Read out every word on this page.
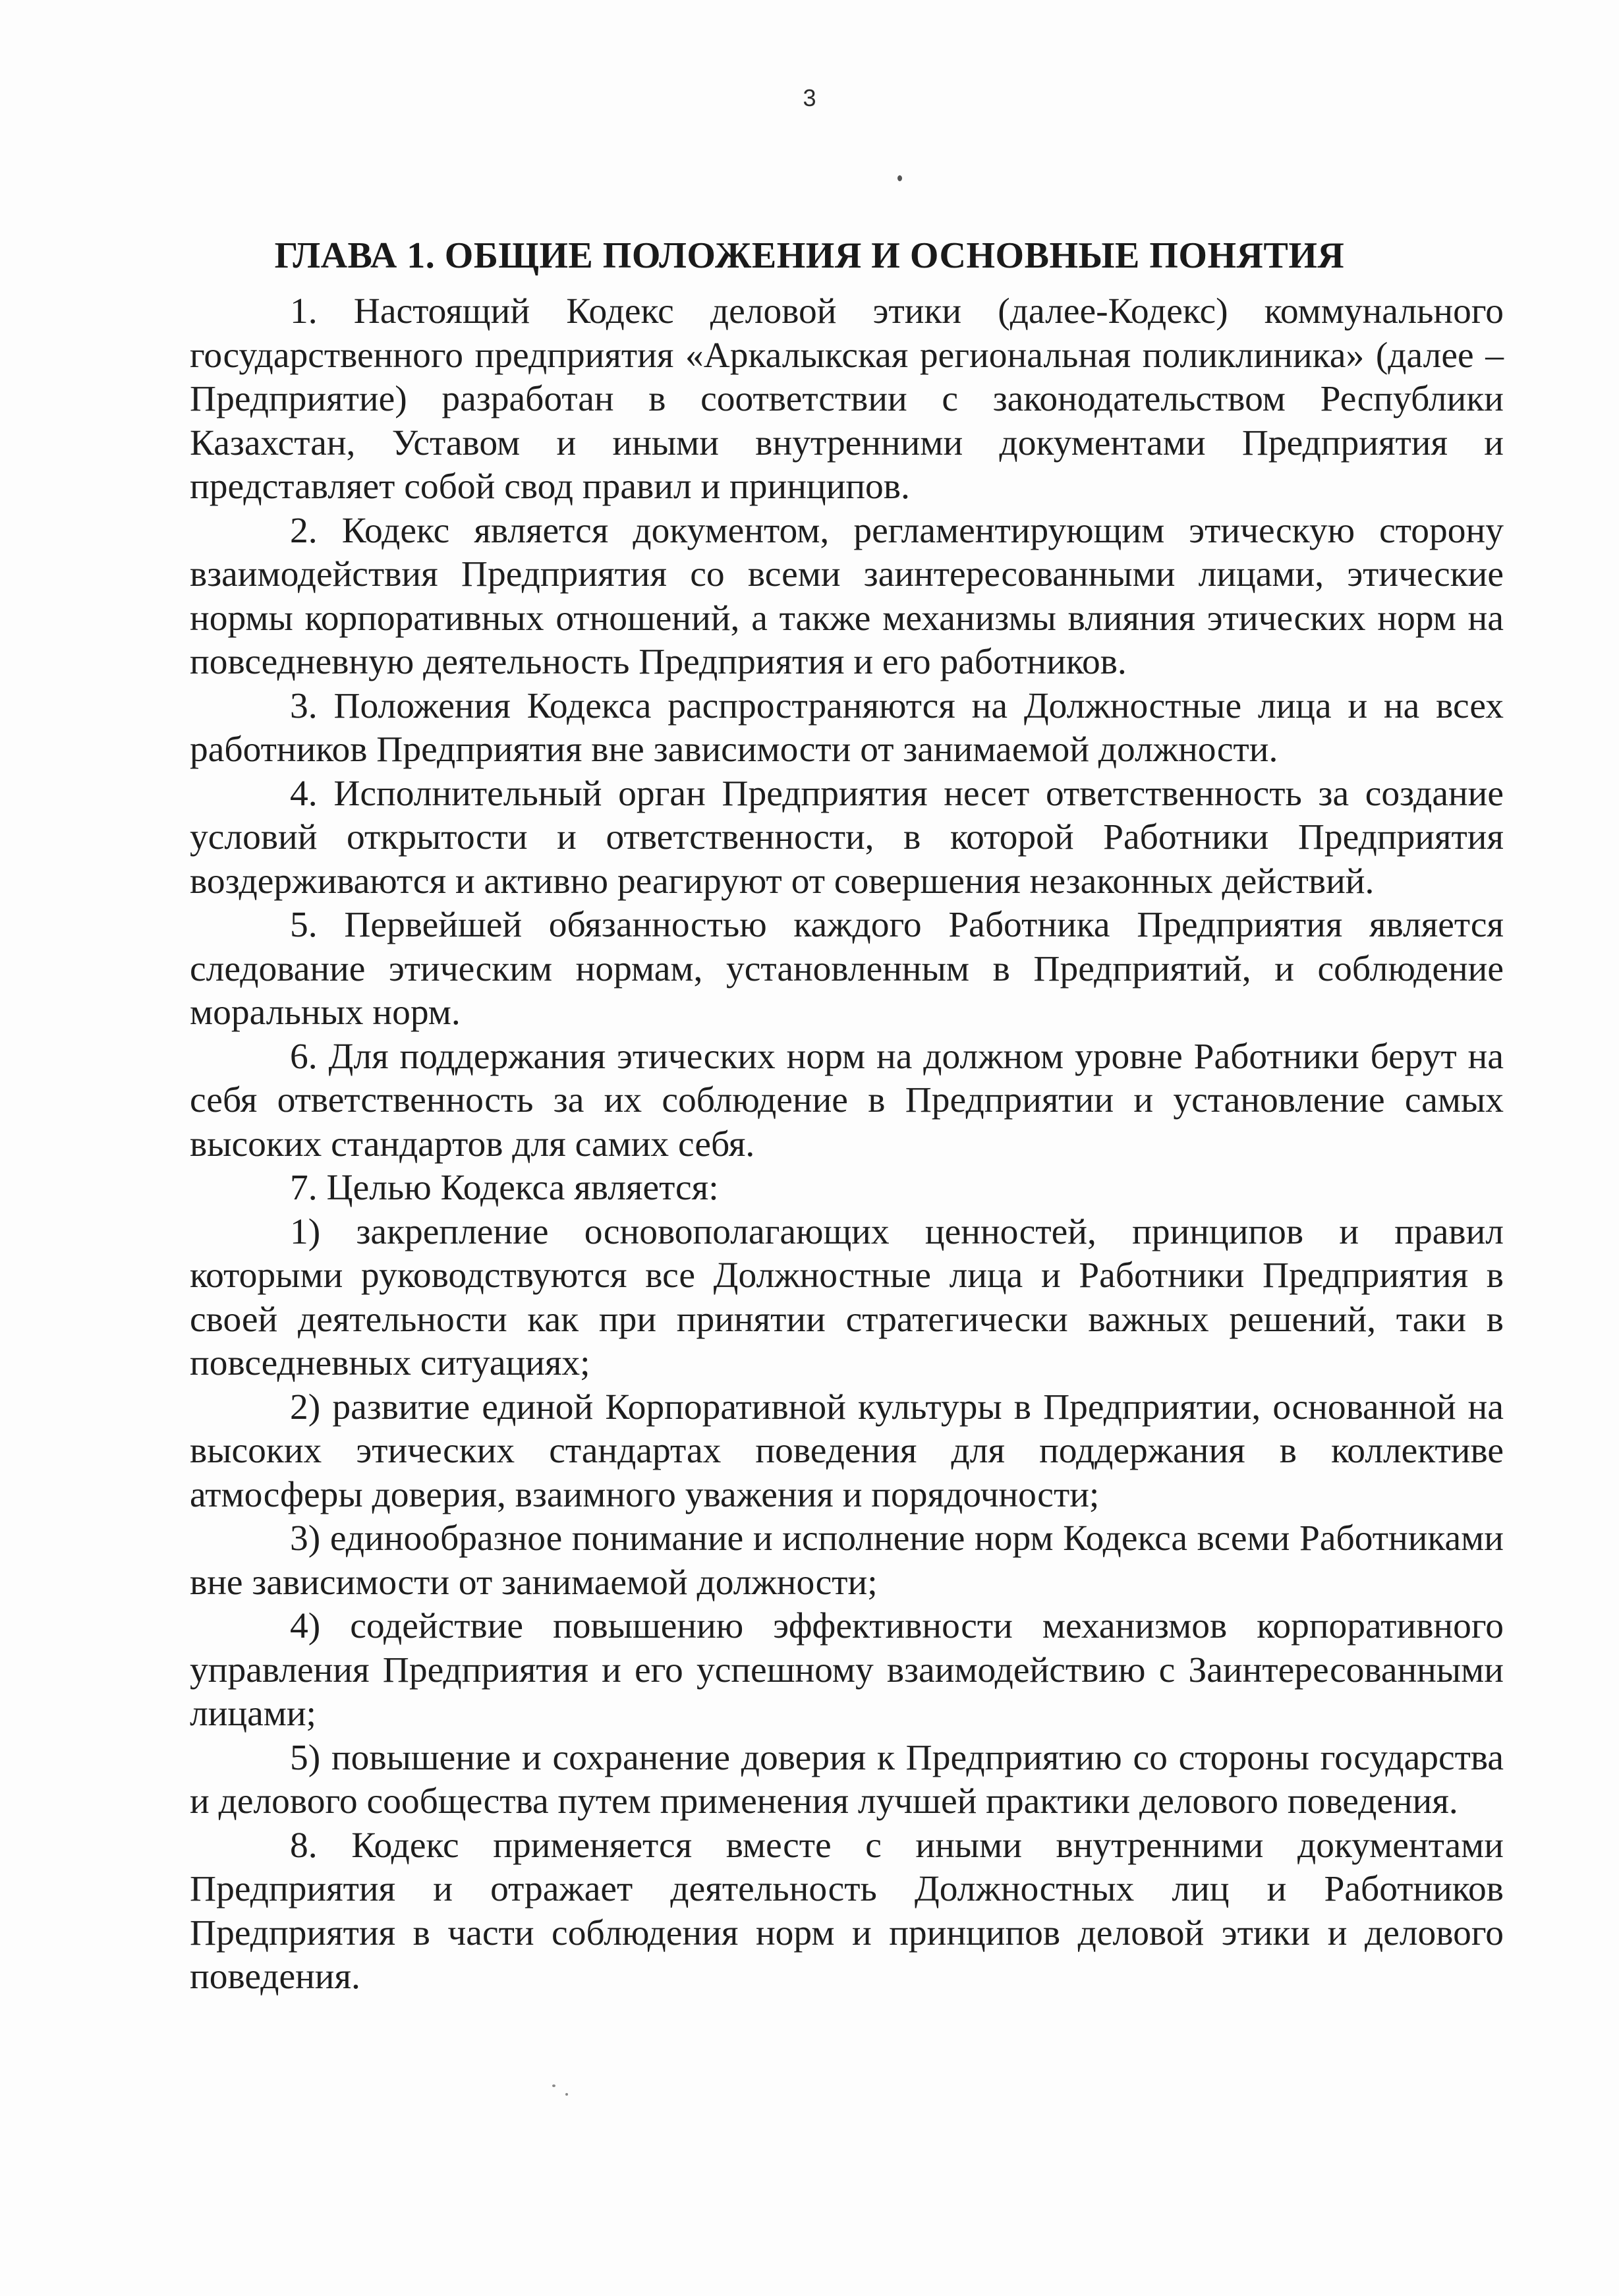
3
ГЛАВА 1. ОБЩИЕ ПОЛОЖЕНИЯ И ОСНОВНЫЕ ПОНЯТИЯ

1. Настоящий Кодекс деловой этики (далее-Кодекс) коммунального государственного предприятия «Аркалыкская региональная поликлиника» (далее – Предприятие) разработан в соответствии с законодательством Республики Казахстан, Уставом и иными внутренними документами Предприятия и представляет собой свод правил и принципов.

2. Кодекс является документом, регламентирующим этическую сторону взаимодействия Предприятия со всеми заинтересованными лицами, этические нормы корпоративных отношений, а также механизмы влияния этических норм на повседневную деятельность Предприятия и его работников.

3. Положения Кодекса распространяются на Должностные лица и на всех работников Предприятия вне зависимости от занимаемой должности.

4. Исполнительный орган Предприятия несет ответственность за создание условий открытости и ответственности, в которой Работники Предприятия воздерживаются и активно реагируют от совершения незаконных действий.

5. Первейшей обязанностью каждого Работника Предприятия является следование этическим нормам, установленным в Предприятий, и соблюдение моральных норм.

6. Для поддержания этических норм на должном уровне Работники берут на себя ответственность за их соблюдение в Предприятии и установление самых высоких стандартов для самих себя.

7. Целью Кодекса является:

1) закрепление основополагающих ценностей, принципов и правил которыми руководствуются все Должностные лица и Работники Предприятия в своей деятельности как при принятии стратегически важных решений, таки в повседневных ситуациях;

2) развитие единой Корпоративной культуры в Предприятии, основанной на высоких этических стандартах поведения для поддержания в коллективе атмосферы доверия, взаимного уважения и порядочности;

3) единообразное понимание и исполнение норм Кодекса всеми Работниками вне зависимости от занимаемой должности;

4) содействие повышению эффективности механизмов корпоративного управления Предприятия и его успешному взаимодействию с Заинтересованными лицами;

5) повышение и сохранение доверия к Предприятию со стороны государства и делового сообщества путем применения лучшей практики делового поведения.

8. Кодекс применяется вместе с иными внутренними документами Предприятия и отражает деятельность Должностных лиц и Работников Предприятия в части соблюдения норм и принципов деловой этики и делового поведения.
